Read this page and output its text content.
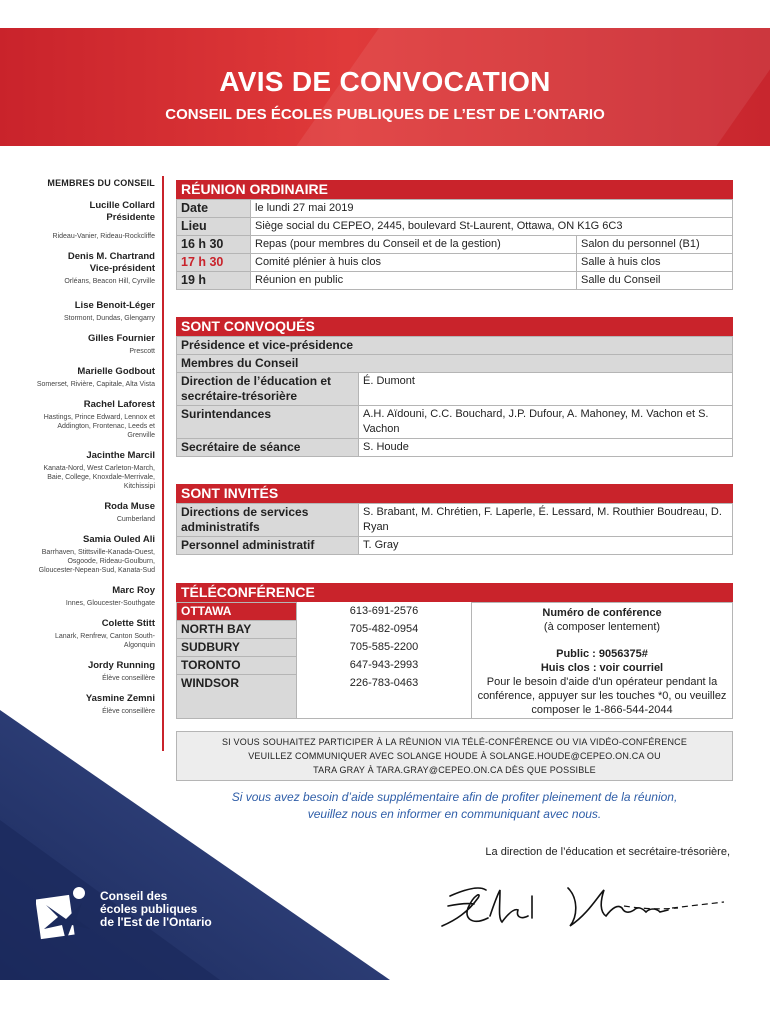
AVIS DE CONVOCATION
CONSEIL DES ÉCOLES PUBLIQUES DE L’EST DE L’ONTARIO
MEMBRES DU CONSEIL
Lucille Collard
Présidente
Rideau-Vanier, Rideau-Rockcliffe
Denis M. Chartrand
Vice-président
Orléans, Beacon Hill, Cyrville
Lise Benoit-Léger
Stormont, Dundas, Glengarry
Gilles Fournier
Prescott
Marielle Godbout
Somerset, Rivière, Capitale, Alta Vista
Rachel Laforest
Hastings, Prince Edward, Lennox et Addington, Frontenac, Leeds et Grenville
Jacinthe Marcil
Kanata-Nord, West Carleton-March, Baie, College, Knoxdale-Merrivale, Kitchissipi
Roda Muse
Cumberland
Samia Ouled Ali
Barrhaven, Stittsville-Kanada-Ouest, Osgoode, Rideau-Goulburn, Gloucester-Nepean-Sud, Kanata-Sud
Marc Roy
Innes, Gloucester-Southgate
Colette Stitt
Lanark, Renfrew, Canton South-Algonquin
Jordy Running
Élève conseillère
Yasmine Zemni
Élève conseillère
RÉUNION ORDINAIRE
Date	le lundi 27 mai 2019	
Lieu	Siège social du CEPEO, 2445, boulevard St-Laurent, Ottawa, ON K1G 6C3	
16 h 30	Repas (pour membres du Conseil et de la gestion)	Salon du personnel (B1)
17 h 30	Comité plénier à huis clos	Salle à huis clos
19 h	Réunion en public	Salle du Conseil
SONT CONVOQUÉS
Présidence et vice-présidence	
Membres du Conseil	
Direction de l’éducation et secrétaire-trésorière	É. Dumont
Surintendances	A.H. Aïdouni, C.C. Bouchard, J.P. Dufour, A. Mahoney, M. Vachon et S. Vachon
Secrétaire de séance	S. Houde
SONT INVITÉS
Directions de services administratifs	S. Brabant, M. Chrétien, F. Laperle, É. Lessard, M. Routhier Boudreau, D. Ryan
Personnel administratif	T. Gray
TÉLÉCONFÉRENCE
OTTAWA	613-691-2576	Numéro de conférence
(à composer lentement)
Public : 9056375#
Huis clos : voir courriel
Pour le besoin d'aide d'un opérateur pendant la conférence, appuyer sur les touches *0, ou veuillez composer le 1-866-544-2044

NORTH BAY	705-482-0954	
SUDBURY	705-585-2200	
TORONTO	647-943-2993	
WINDSOR	226-783-0463	
SI VOUS SOUHAITEZ PARTICIPER À LA RÉUNION VIA TÉLÉ-CONFÉRENCE OU VIA VIDÉO-CONFÉRENCE
VEUILLEZ COMMUNIQUER AVEC SOLANGE HOUDE À SOLANGE.HOUDE@CEPEO.ON.CA OU
TARA GRAY À TARA.GRAY@CEPEO.ON.CA DÈS QUE POSSIBLE
Si vous avez besoin d’aide supplémentaire afin de profiter pleinement de la réunion,
veuillez nous en informer en communiquant avec nous.
La direction de l’éducation et secrétaire-trésorière,
Conseil des
écoles publiques
de l'Est de l'Ontario
